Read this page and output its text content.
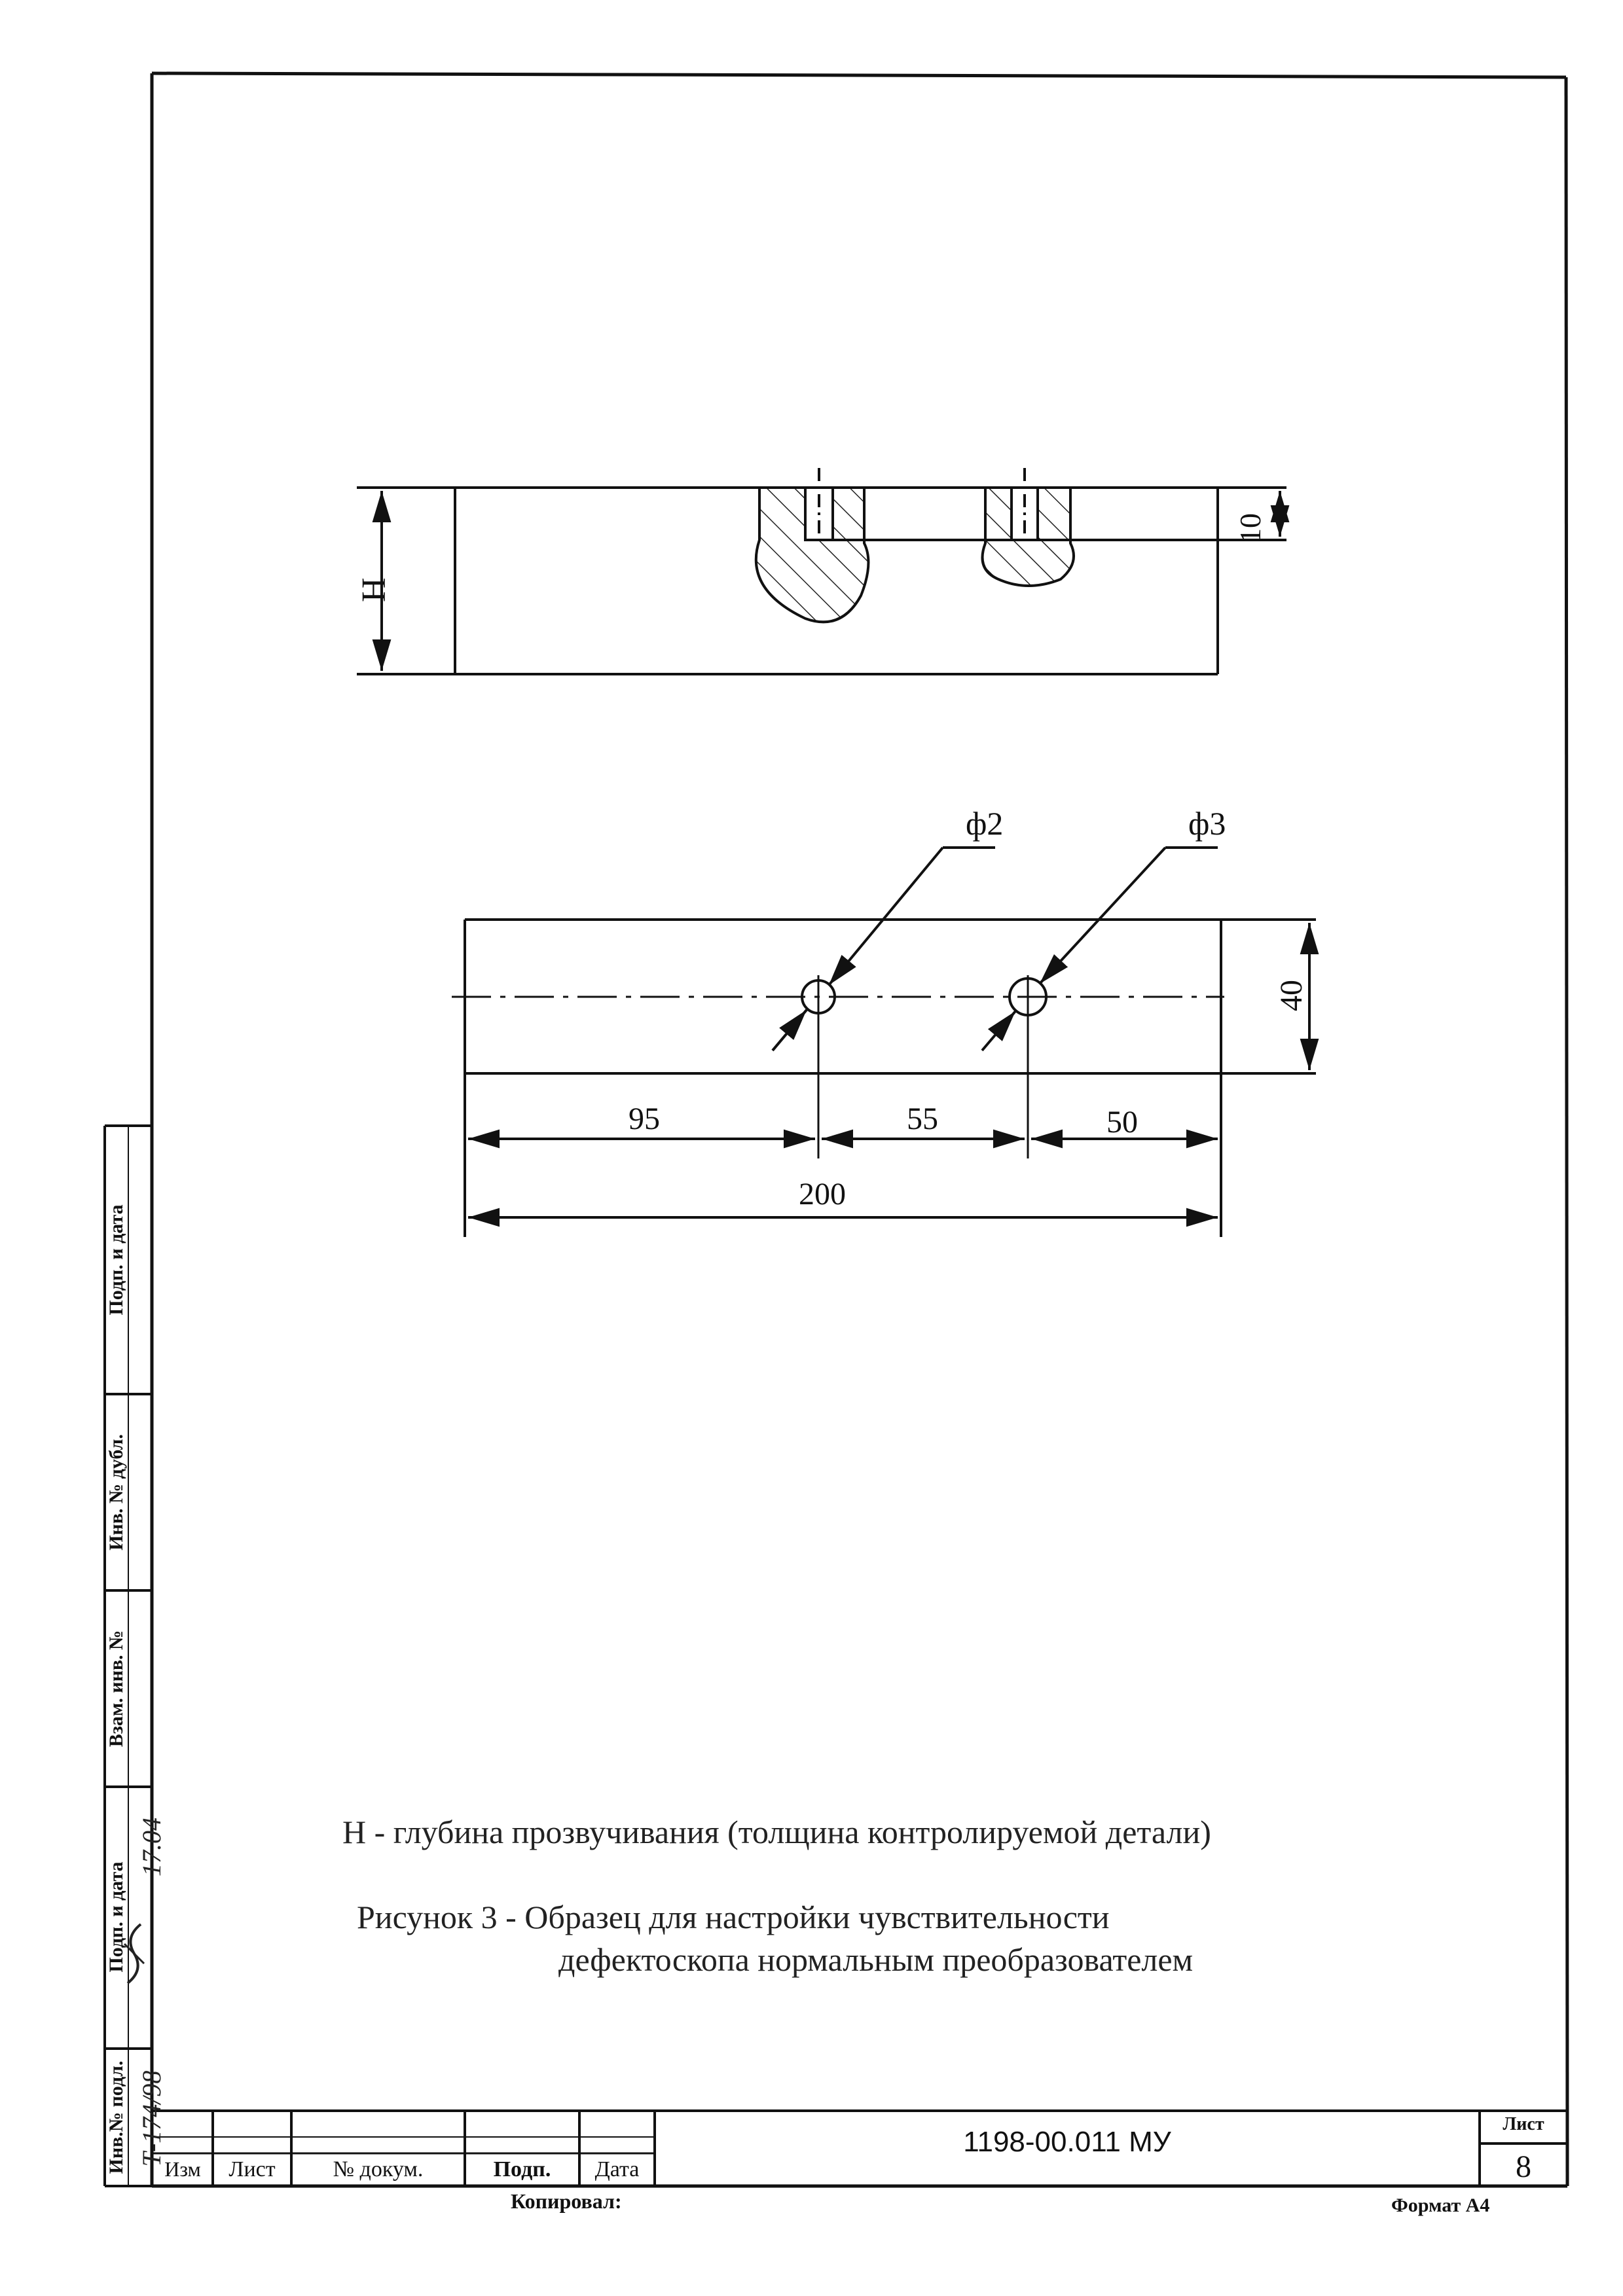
H
10
ф2	ф3
40
95	55	50
200
Н - глубина прозвучивания (толщина контролируемой детали)
Рисунок 3 - Образец для настройки чувствительности
дефектоскопа нормальным преобразователем
1198-00.011 МУ
Лист
8
Изм	Лист	№ докум.	Подп.	Дата
Инв.№ подл.
Подп. и дата
Взам. инв. №
Инв. № дубл.
Подп. и дата
Т-174/98
17.04
Копировал:	Формат А4
